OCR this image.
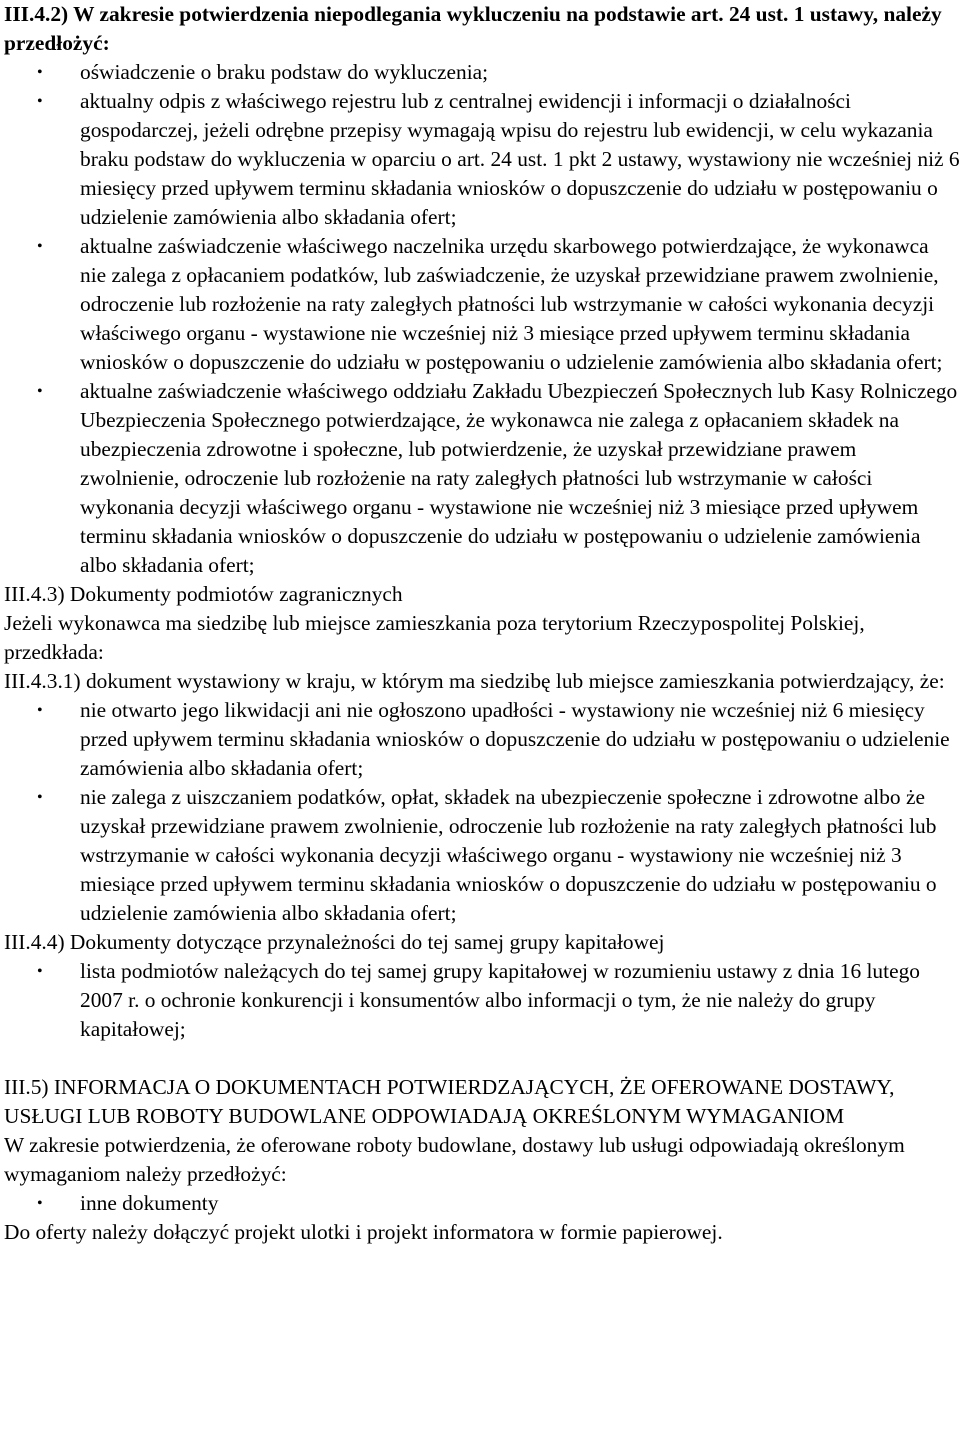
III.4.2) W zakresie potwierdzenia niepodlegania wykluczeniu na podstawie art. 24 ust. 1 ustawy, należy przedłożyć:

• oświadczenie o braku podstaw do wykluczenia;
• aktualny odpis z właściwego rejestru lub z centralnej ewidencji i informacji o działalności gospodarczej, jeżeli odrębne przepisy wymagają wpisu do rejestru lub ewidencji, w celu wykazania braku podstaw do wykluczenia w oparciu o art. 24 ust. 1 pkt 2 ustawy, wystawiony nie wcześniej niż 6 miesięcy przed upływem terminu składania wniosków o dopuszczenie do udziału w postępowaniu o udzielenie zamówienia albo składania ofert;
• aktualne zaświadczenie właściwego naczelnika urzędu skarbowego potwierdzające, że wykonawca nie zalega z opłacaniem podatków, lub zaświadczenie, że uzyskał przewidziane prawem zwolnienie, odroczenie lub rozłożenie na raty zaległych płatności lub wstrzymanie w całości wykonania decyzji właściwego organu - wystawione nie wcześniej niż 3 miesiące przed upływem terminu składania wniosków o dopuszczenie do udziału w postępowaniu o udzielenie zamówienia albo składania ofert;
• aktualne zaświadczenie właściwego oddziału Zakładu Ubezpieczeń Społecznych lub Kasy Rolniczego Ubezpieczenia Społecznego potwierdzające, że wykonawca nie zalega z opłacaniem składek na ubezpieczenia zdrowotne i społeczne, lub potwierdzenie, że uzyskał przewidziane prawem zwolnienie, odroczenie lub rozłożenie na raty zaległych płatności lub wstrzymanie w całości wykonania decyzji właściwego organu - wystawione nie wcześniej niż 3 miesiące przed upływem terminu składania wniosków o dopuszczenie do udziału w postępowaniu o udzielenie zamówienia albo składania ofert;

III.4.3) Dokumenty podmiotów zagranicznych

Jeżeli wykonawca ma siedzibę lub miejsce zamieszkania poza terytorium Rzeczypospolitej Polskiej, przedkłada:

III.4.3.1) dokument wystawiony w kraju, w którym ma siedzibę lub miejsce zamieszkania potwierdzający, że:

• nie otwarto jego likwidacji ani nie ogłoszono upadłości - wystawiony nie wcześniej niż 6 miesięcy przed upływem terminu składania wniosków o dopuszczenie do udziału w postępowaniu o udzielenie zamówienia albo składania ofert;
• nie zalega z uiszczaniem podatków, opłat, składek na ubezpieczenie społeczne i zdrowotne albo że uzyskał przewidziane prawem zwolnienie, odroczenie lub rozłożenie na raty zaległych płatności lub wstrzymanie w całości wykonania decyzji właściwego organu - wystawiony nie wcześniej niż 3 miesiące przed upływem terminu składania wniosków o dopuszczenie do udziału w postępowaniu o udzielenie zamówienia albo składania ofert;

III.4.4) Dokumenty dotyczące przynależności do tej samej grupy kapitałowej

• lista podmiotów należących do tej samej grupy kapitałowej w rozumieniu ustawy z dnia 16 lutego 2007 r. o ochronie konkurencji i konsumentów albo informacji o tym, że nie należy do grupy kapitałowej;

III.5) INFORMACJA O DOKUMENTACH POTWIERDZAJĄCYCH, ŻE OFEROWANE DOSTAWY, USŁUGI LUB ROBOTY BUDOWLANE ODPOWIADAJĄ OKREŚLONYM WYMAGANIOM

W zakresie potwierdzenia, że oferowane roboty budowlane, dostawy lub usługi odpowiadają określonym wymaganiom należy przedłożyć:

• inne dokumenty

Do oferty należy dołączyć projekt ulotki i projekt informatora w formie papierowej.
